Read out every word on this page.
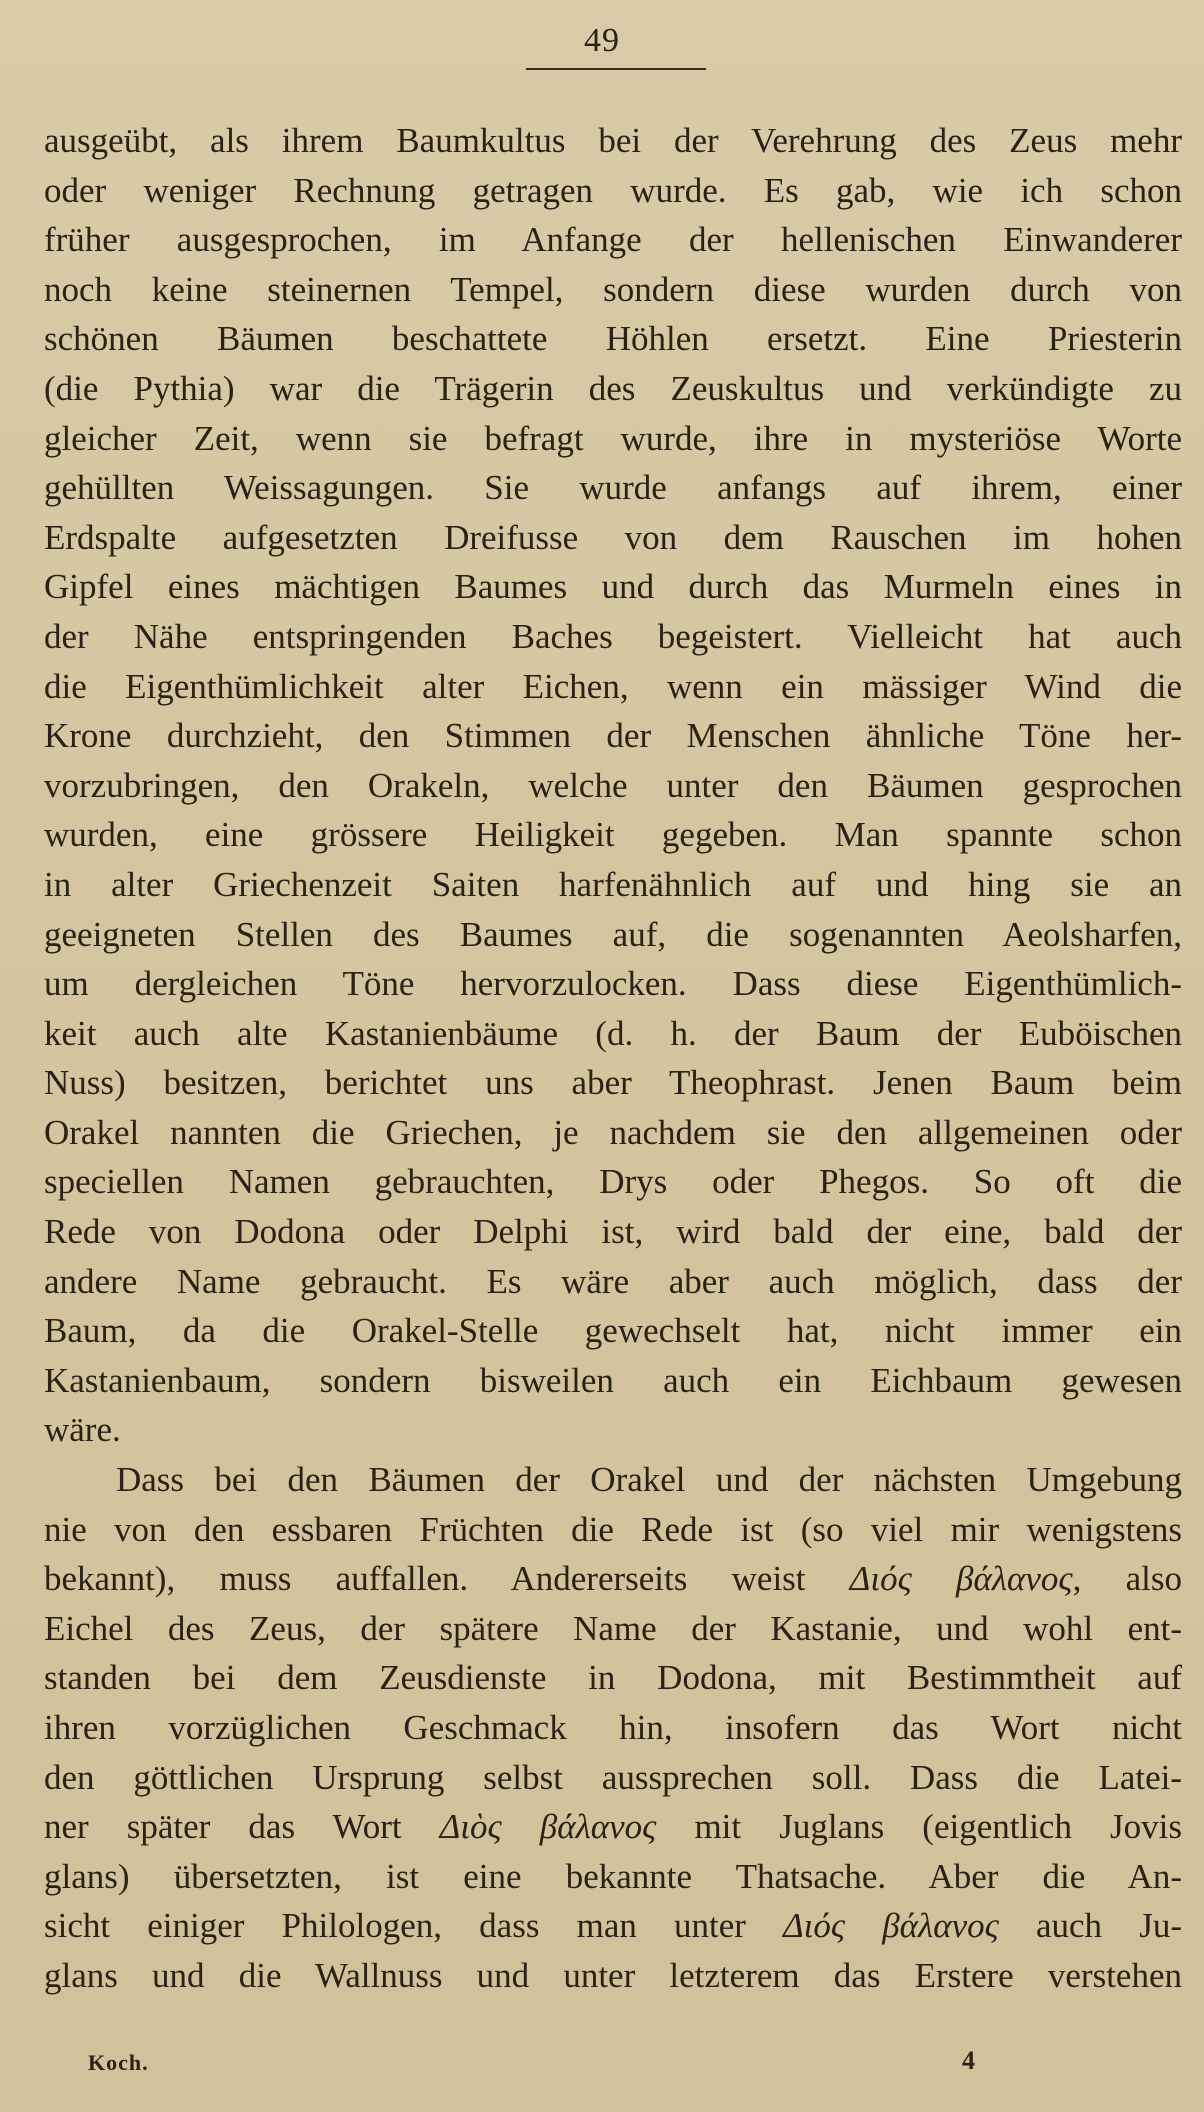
49
ausgeübt, als ihrem Baumkultus bei der Verehrung des Zeus mehr
oder weniger Rechnung getragen wurde. Es gab, wie ich schon
früher ausgesprochen, im Anfange der hellenischen Einwanderer
noch keine steinernen Tempel, sondern diese wurden durch von
schönen Bäumen beschattete Höhlen ersetzt. Eine Priesterin
(die Pythia) war die Trägerin des Zeuskultus und verkündigte zu
gleicher Zeit, wenn sie befragt wurde, ihre in mysteriöse Worte
gehüllten Weissagungen. Sie wurde anfangs auf ihrem, einer
Erdspalte aufgesetzten Dreifusse von dem Rauschen im hohen
Gipfel eines mächtigen Baumes und durch das Murmeln eines in
der Nähe entspringenden Baches begeistert. Vielleicht hat auch
die Eigenthümlichkeit alter Eichen, wenn ein mässiger Wind die
Krone durchzieht, den Stimmen der Menschen ähnliche Töne her-
vorzubringen, den Orakeln, welche unter den Bäumen gesprochen
wurden, eine grössere Heiligkeit gegeben. Man spannte schon
in alter Griechenzeit Saiten harfenähnlich auf und hing sie an
geeigneten Stellen des Baumes auf, die sogenannten Aeolsharfen,
um dergleichen Töne hervorzulocken. Dass diese Eigenthümlich-
keit auch alte Kastanienbäume (d. h. der Baum der Euböischen
Nuss) besitzen, berichtet uns aber Theophrast. Jenen Baum beim
Orakel nannten die Griechen, je nachdem sie den allgemeinen oder
speciellen Namen gebrauchten, Drys oder Phegos. So oft die
Rede von Dodona oder Delphi ist, wird bald der eine, bald der
andere Name gebraucht. Es wäre aber auch möglich, dass der
Baum, da die Orakel-Stelle gewechselt hat, nicht immer ein
Kastanienbaum, sondern bisweilen auch ein Eichbaum gewesen
wäre.
Dass bei den Bäumen der Orakel und der nächsten Umgebung
nie von den essbaren Früchten die Rede ist (so viel mir wenigstens
bekannt), muss auffallen. Andererseits weist Διός βάλανος, also
Eichel des Zeus, der spätere Name der Kastanie, und wohl ent-
standen bei dem Zeusdienste in Dodona, mit Bestimmtheit auf
ihren vorzüglichen Geschmack hin, insofern das Wort nicht
den göttlichen Ursprung selbst aussprechen soll. Dass die Latei-
ner später das Wort Διὸς βάλανος mit Juglans (eigentlich Jovis
glans) übersetzten, ist eine bekannte Thatsache. Aber die An-
sicht einiger Philologen, dass man unter Διός βάλανος auch Ju-
glans und die Wallnuss und unter letzterem das Erstere verstehen
Koch.	4
